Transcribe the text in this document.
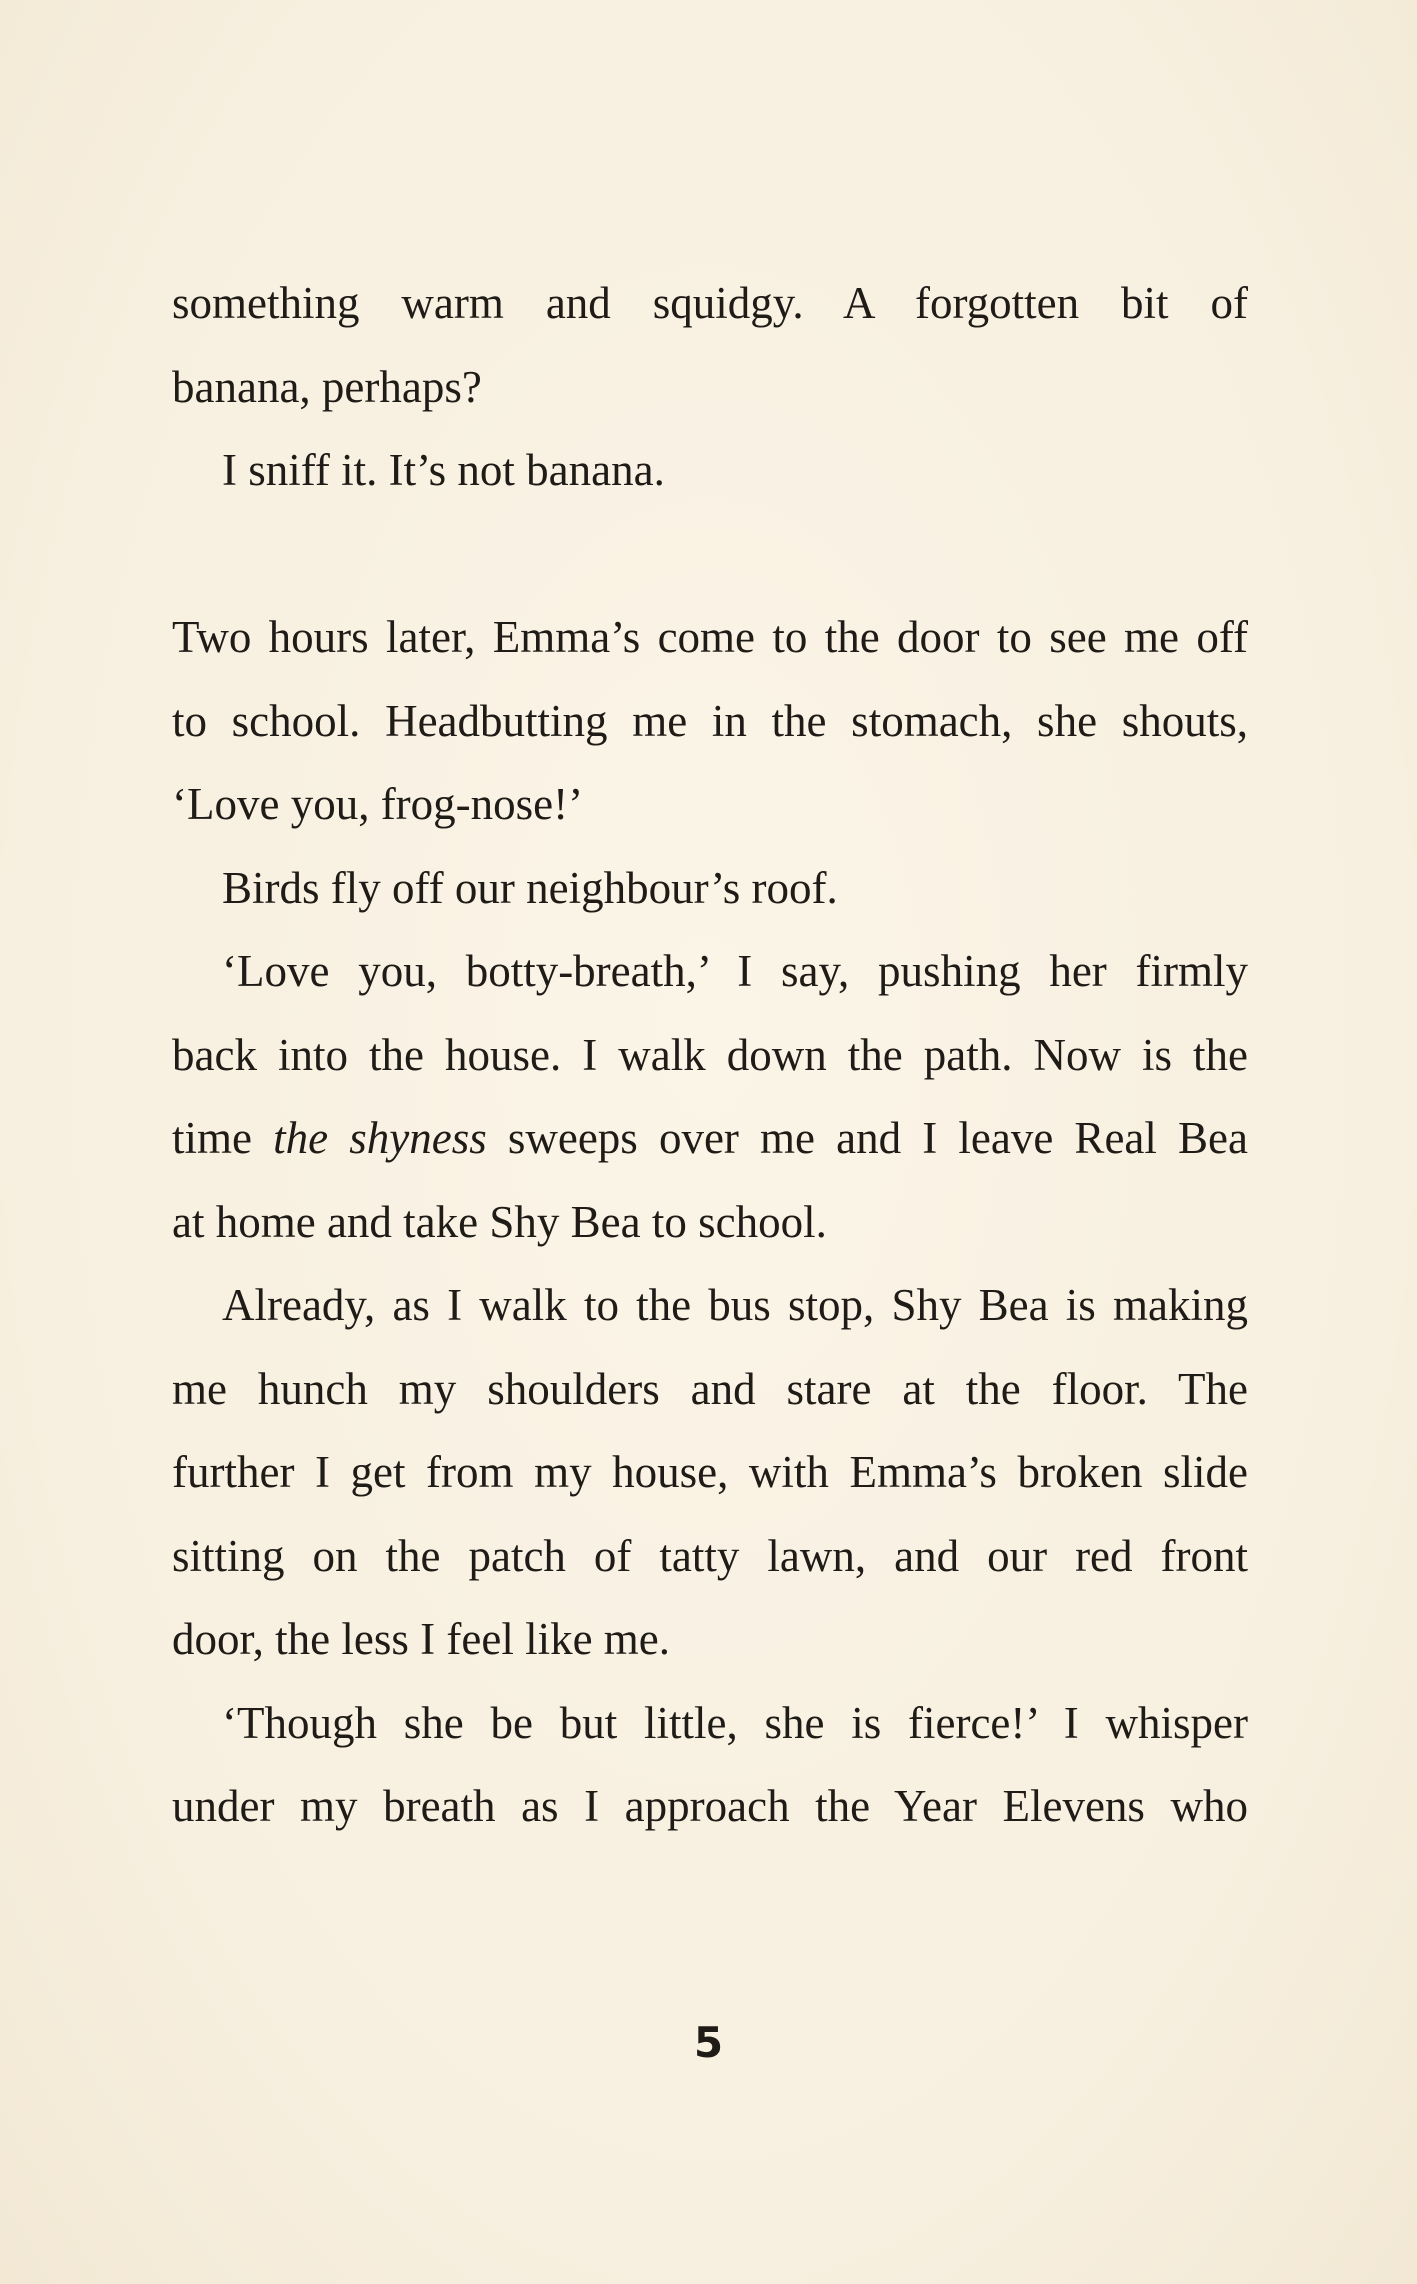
something warm and squidgy. A forgotten bit of

banana, perhaps?

I sniff it. It’s not banana.

Two hours later, Emma’s come to the door to see me off

to school. Headbutting me in the stomach, she shouts,

‘Love you, frog-nose!’

Birds fly off our neighbour’s roof.

‘Love you, botty-breath,’ I say, pushing her firmly

back into the house. I walk down the path. Now is the

time the shyness sweeps over me and I leave Real Bea

at home and take Shy Bea to school.

Already, as I walk to the bus stop, Shy Bea is making

me hunch my shoulders and stare at the floor. The

further I get from my house, with Emma’s broken slide

sitting on the patch of tatty lawn, and our red front

door, the less I feel like me.

‘Though she be but little, she is fierce!’ I whisper

under my breath as I approach the Year Elevens who

5
